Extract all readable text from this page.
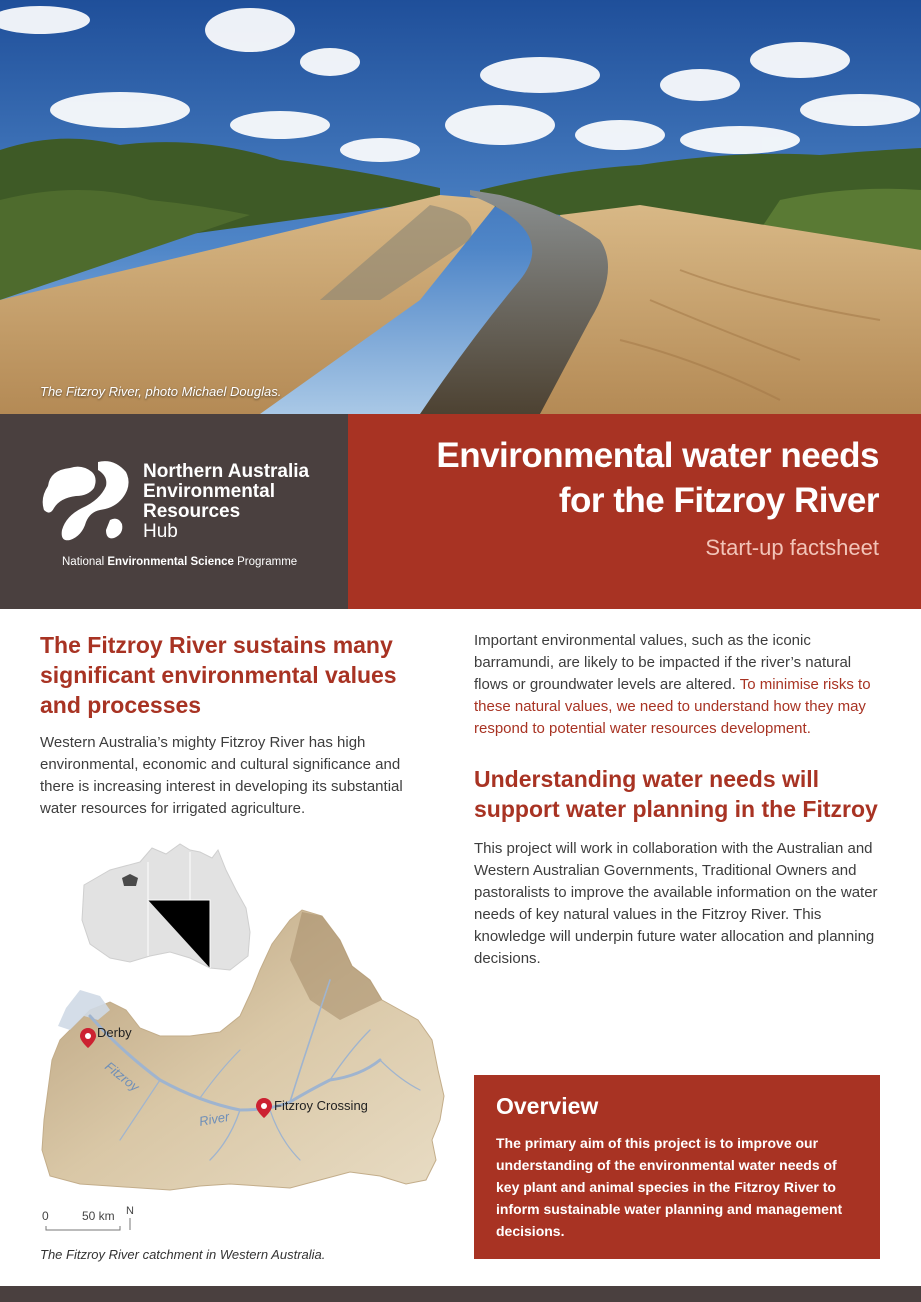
The Fitzroy River, photo Michael Douglas.
Northern Australia
Environmental
Resources
Hub
National Environmental Science Programme
Environmental water needs
for the Fitzroy River
Start-up factsheet
The Fitzroy River sustains many significant environmental values and processes

Western Australia’s mighty Fitzroy River has high environmental, economic and cultural significance and there is increasing interest in developing its substantial water resources for irrigated agriculture.

Derby
Fitzroy Crossing
Fitzroy
River
0	50 km N
The Fitzroy River catchment in Western Australia.

Important environmental values, such as the iconic barramundi, are likely to be impacted if the river’s natural flows or groundwater levels are altered. To minimise risks to these natural values, we need to understand how they may respond to potential water resources development.

Understanding water needs will support water planning in the Fitzroy

This project will work in collaboration with the Australian and Western Australian Governments, Traditional Owners and pastoralists to improve the available information on the water needs of key natural values in the Fitzroy River. This knowledge will underpin future water allocation and planning decisions.

Overview

The primary aim of this project is to improve our understanding of the environmental water needs of key plant and animal species in the Fitzroy River to inform sustainable water planning and management decisions.
